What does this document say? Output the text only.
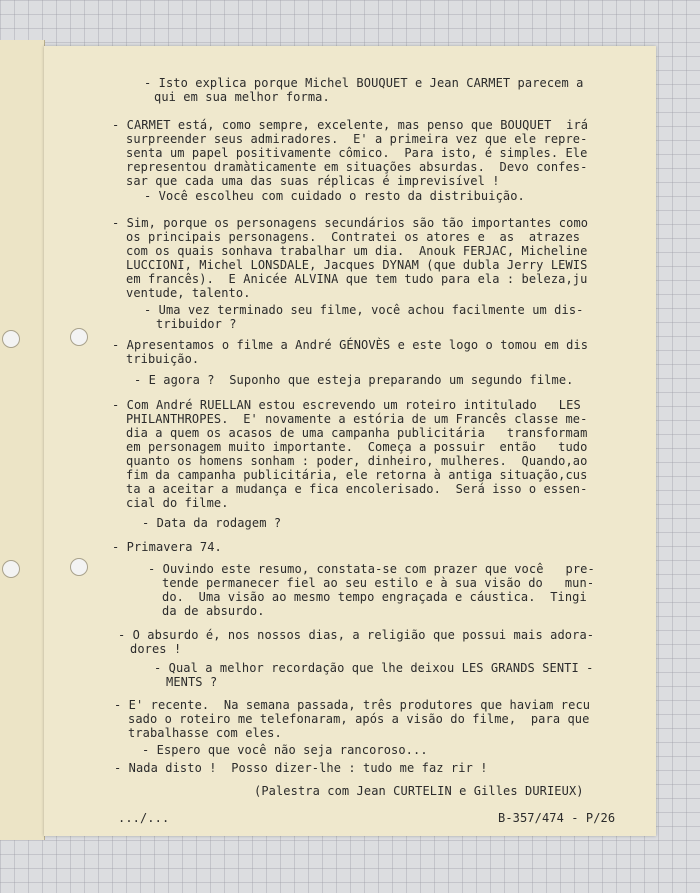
- Isto explica porque Michel BOUQUET e Jean CARMET parecem a
qui em sua melhor forma.
- CARMET está, como sempre, excelente, mas penso que BOUQUET  irá
surpreender seus admiradores.  E' a primeira vez que ele repre-
senta um papel positivamente cômico.  Para isto, é simples. Ele
representou dramàticamente em situações absurdas.  Devo confes-
sar que cada uma das suas réplicas é imprevisível !
- Você escolheu com cuidado o resto da distribuição.
- Sim, porque os personagens secundários são tão importantes como
os principais personagens.  Contratei os atores e  as  atrazes
com os quais sonhava trabalhar um dia.  Anouk FERJAC, Micheline
LUCCIONI, Michel LONSDALE, Jacques DYNAM (que dubla Jerry LEWIS
em francês).  E Anicée ALVINA que tem tudo para ela : beleza,ju
ventude, talento.
- Uma vez terminado seu filme, você achou facilmente um dis-
tribuidor ?
- Apresentamos o filme a André GÉNOVÈS e este logo o tomou em dis
tribuição.
- E agora ?  Suponho que esteja preparando um segundo filme.
- Com André RUELLAN estou escrevendo um roteiro intitulado   LES
PHILANTHROPES.  E' novamente a estória de um Francês classe me-
dia a quem os acasos de uma campanha publicitária   transformam
em personagem muito importante.  Começa a possuir  então   tudo
quanto os homens sonham : poder, dinheiro, mulheres.  Quando,ao
fim da campanha publicitária, ele retorna à antiga situação,cus
ta a aceitar a mudança e fica encolerisado.  Será isso o essen-
cial do filme.
- Data da rodagem ?
- Primavera 74.
- Ouvindo este resumo, constata-se com prazer que você   pre-
tende permanecer fiel ao seu estilo e à sua visão do   mun-
do.  Uma visão ao mesmo tempo engraçada e cáustica.  Tingi
da de absurdo.
- O absurdo é, nos nossos dias, a religião que possui mais adora-
dores !
- Qual a melhor recordação que lhe deixou LES GRANDS SENTI -
MENTS ?
- E' recente.  Na semana passada, três produtores que haviam recu
sado o roteiro me telefonaram, após a visão do filme,  para que
trabalhasse com eles.
- Espero que você não seja rancoroso...
- Nada disto !  Posso dizer-lhe : tudo me faz rir !
(Palestra com Jean CURTELIN e Gilles DURIEUX)
.../...	B-357/474 - P/26
